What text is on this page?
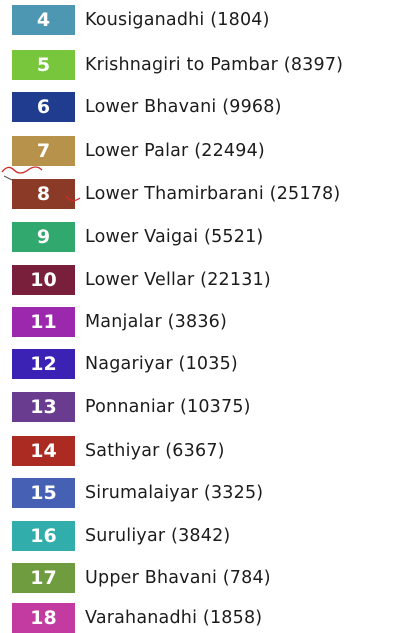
4	Kousiganadhi (1804)
5	Krishnagiri to Pambar (8397)
6	Lower Bhavani (9968)
7	Lower Palar (22494)
8	Lower Thamirbarani (25178)
9	Lower Vaigai (5521)
10	Lower Vellar (22131)
11	Manjalar (3836)
12	Nagariyar (1035)
13	Ponnaniar (10375)
14	Sathiyar (6367)
15	Sirumalaiyar (3325)
16	Suruliyar (3842)
17	Upper Bhavani (784)
18	Varahanadhi (1858)
